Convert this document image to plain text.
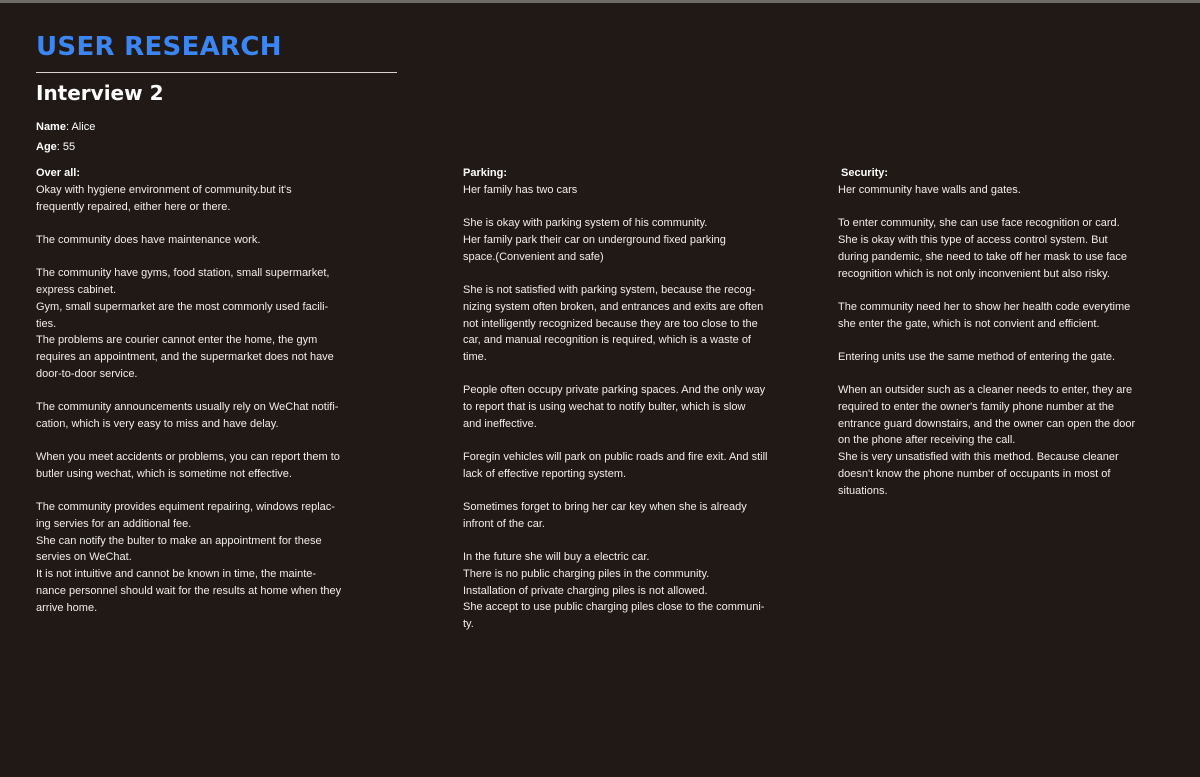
USER RESEARCH
Interview 2
Name: Alice
Age: 55
Over all:

Okay with hygiene environment of community.but it's
frequently repaired, either here or there.

The community does have maintenance work.

The community have gyms, food station, small supermarket,
express cabinet.
Gym, small supermarket are the most commonly used facili-
ties.
The problems are courier cannot enter the home, the gym
requires an appointment, and the supermarket does not have
door-to-door service.

The community announcements usually rely on WeChat notifi-
cation, which is very easy to miss and have delay.

When you meet accidents or problems, you can report them to
butler using wechat, which is sometime not effective.

The community provides equiment repairing, windows replac-
ing servies for an additional fee.
She can notify the bulter to make an appointment for these
servies on WeChat.
It is not intuitive and cannot be known in time, the mainte-
nance personnel should wait for the results at home when they
arrive home.

Parking:

Her family has two cars

She is okay with parking system of his community.
Her family park their car on underground fixed parking
space.(Convenient and safe)

She is not satisfied with parking system, because the recog-
nizing system often broken, and entrances and exits are often
not intelligently recognized because they are too close to the
car, and manual recognition is required, which is a waste of
time.

People often occupy private parking spaces. And the only way
to report that is using wechat to notify bulter, which is slow
and ineffective.

Foregin vehicles will park on public roads and fire exit. And still
lack of effective reporting system.

Sometimes forget to bring her car key when she is already
infront of the car.

In the future she will buy a electric car.
There is no public charging piles in the community.
Installation of private charging piles is not allowed.
She accept to use public charging piles close to the communi-
ty.

Security:

Her community have walls and gates.

To enter community, she can use face recognition or card.
She is okay with this type of access control system. But
during pandemic, she need to take off her mask to use face
recognition which is not only inconvenient but also risky.

The community need her to show her health code everytime
she enter the gate, which is not convient and efficient.

Entering units use the same method of entering the gate.

When an outsider such as a cleaner needs to enter, they are
required to enter the owner's family phone number at the
entrance guard downstairs, and the owner can open the door
on the phone after receiving the call.
She is very unsatisfied with this method. Because cleaner
doesn't know the phone number of occupants in most of
situations.
